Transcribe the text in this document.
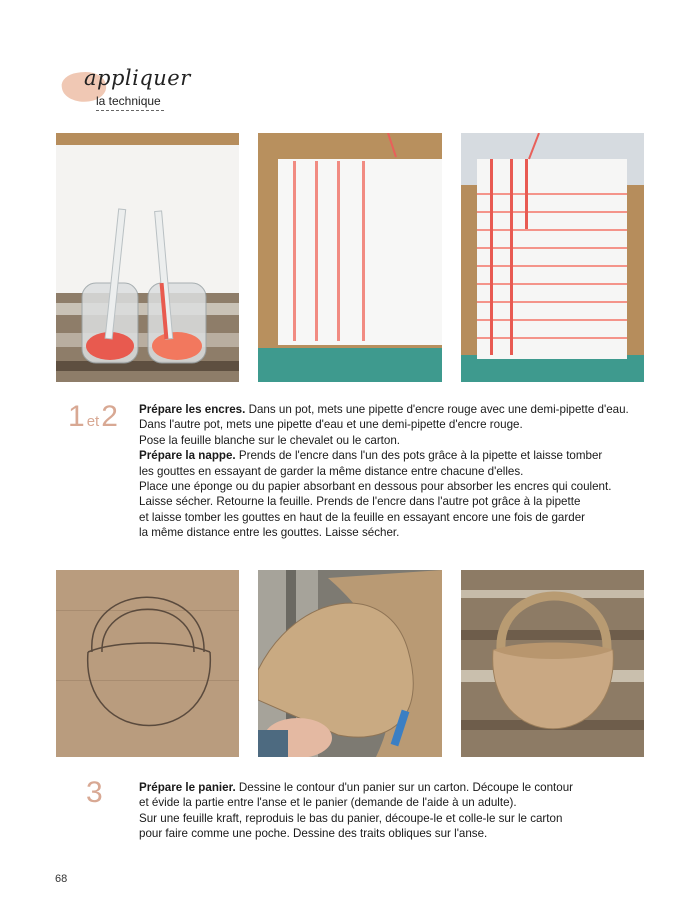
appliquer
la technique
1 et2 Prépare les encres. Dans un pot, mets une pipette d'encre rouge avec une demi-pipette d'eau.

Dans l'autre pot, mets une pipette d'eau et une demi-pipette d'encre rouge.

Pose la feuille blanche sur le chevalet ou le carton.

Prépare la nappe. Prends de l'encre dans l'un des pots grâce à la pipette et laisse tomber

les gouttes en essayant de garder la même distance entre chacune d'elles.

Place une éponge ou du papier absorbant en dessous pour absorber les encres qui coulent.

Laisse sécher. Retourne la feuille. Prends de l'encre dans l'autre pot grâce à la pipette

et laisse tomber les gouttes en haut de la feuille en essayant encore une fois de garder

la même distance entre les gouttes. Laisse sécher.

3	Prépare le panier. Dessine le contour d'un panier sur un carton. Découpe le contour

et évide la partie entre l'anse et le panier (demande de l'aide à un adulte).

Sur une feuille kraft, reproduis le bas du panier, découpe-le et colle-le sur le carton

pour faire comme une poche. Dessine des traits obliques sur l'anse.

68
